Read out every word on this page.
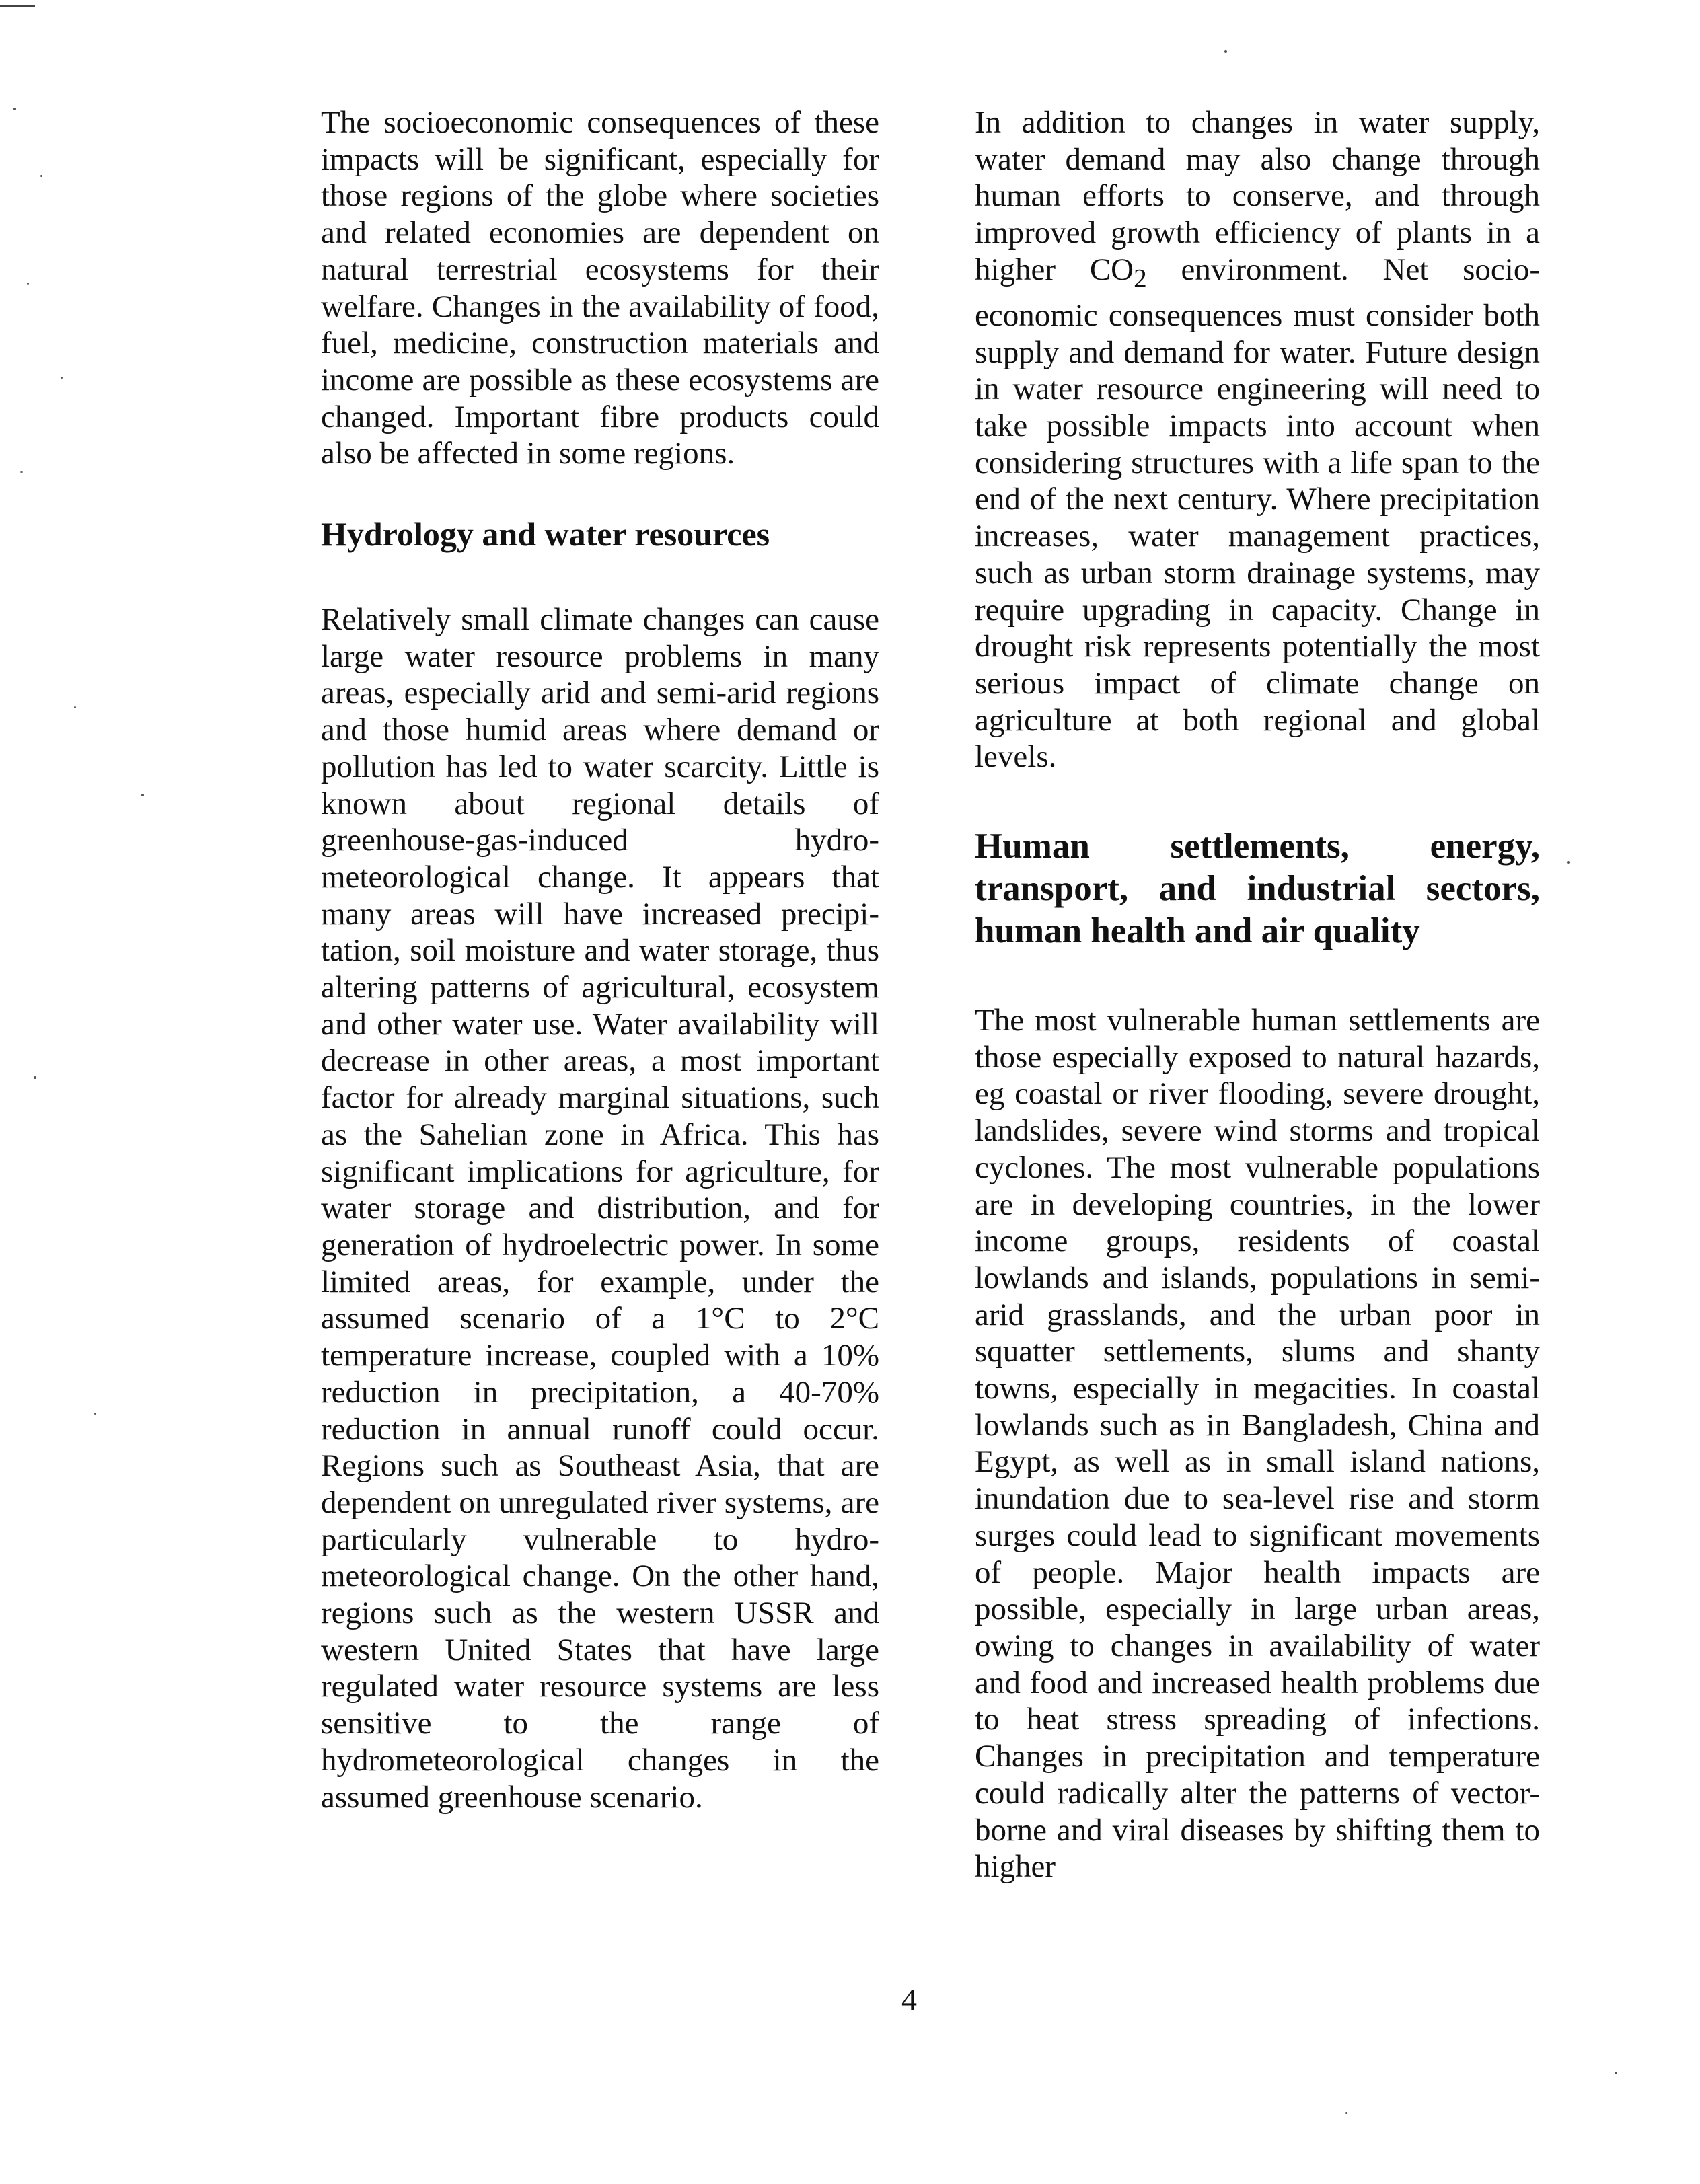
The socioeconomic consequences of these impacts will be significant, especially for those regions of the globe where societies and related economies are dependent on natural terrestrial ecosystems for their welfare. Changes in the availability of food, fuel, medicine, construction materials and income are possible as these ecosystems are changed. Important fibre products could also be affected in some regions.

Hydrology and water resources

Relatively small climate changes can cause large water resource problems in many areas, especially arid and semi-arid regions and those humid areas where demand or pollution has led to water scarcity. Little is known about regional details of greenhouse-gas-induced hydrometeorological change. It appears that many areas will have increased precipitation, soil moisture and water storage, thus altering patterns of agricultural, ecosystem and other water use. Water availability will decrease in other areas, a most important factor for already marginal situations, such as the Sahelian zone in Africa. This has significant implications for agriculture, for water storage and distribution, and for generation of hydroelectric power. In some limited areas, for example, under the assumed scenario of a 1°C to 2°C temperature increase, coupled with a 10% reduction in precipitation, a 40-70% reduction in annual runoff could occur. Regions such as Southeast Asia, that are dependent on unregulated river systems, are particularly vulnerable to hydrometeorological change. On the other hand, regions such as the western USSR and western United States that have large regulated water resource systems are less sensitive to the range of hydrometeorological changes in the assumed greenhouse scenario.

In addition to changes in water supply, water demand may also change through human efforts to conserve, and through improved growth efficiency of plants in a higher $CO_2$ environment. Net socioeconomic consequences must consider both supply and demand for water. Future design in water resource engineering will need to take possible impacts into account when considering structures with a life span to the end of the next century. Where precipitation increases, water management practices, such as urban storm drainage systems, may require upgrading in capacity. Change in drought risk represents potentially the most serious impact of climate change on agriculture at both regional and global levels.

Human settlements, energy, transport, and industrial sectors, human health and air quality

The most vulnerable human settlements are those especially exposed to natural hazards, eg coastal or river flooding, severe drought, landslides, severe wind storms and tropical cyclones. The most vulnerable populations are in developing countries, in the lower income groups, residents of coastal lowlands and islands, populations in semi-arid grasslands, and the urban poor in squatter settlements, slums and shanty towns, especially in megacities. In coastal lowlands such as in Bangladesh, China and Egypt, as well as in small island nations, inundation due to sea-level rise and storm surges could lead to significant movements of people. Major health impacts are possible, especially in large urban areas, owing to changes in availability of water and food and increased health problems due to heat stress spreading of infections. Changes in precipitation and temperature could radically alter the patterns of vector-borne and viral diseases by shifting them to higher

4
